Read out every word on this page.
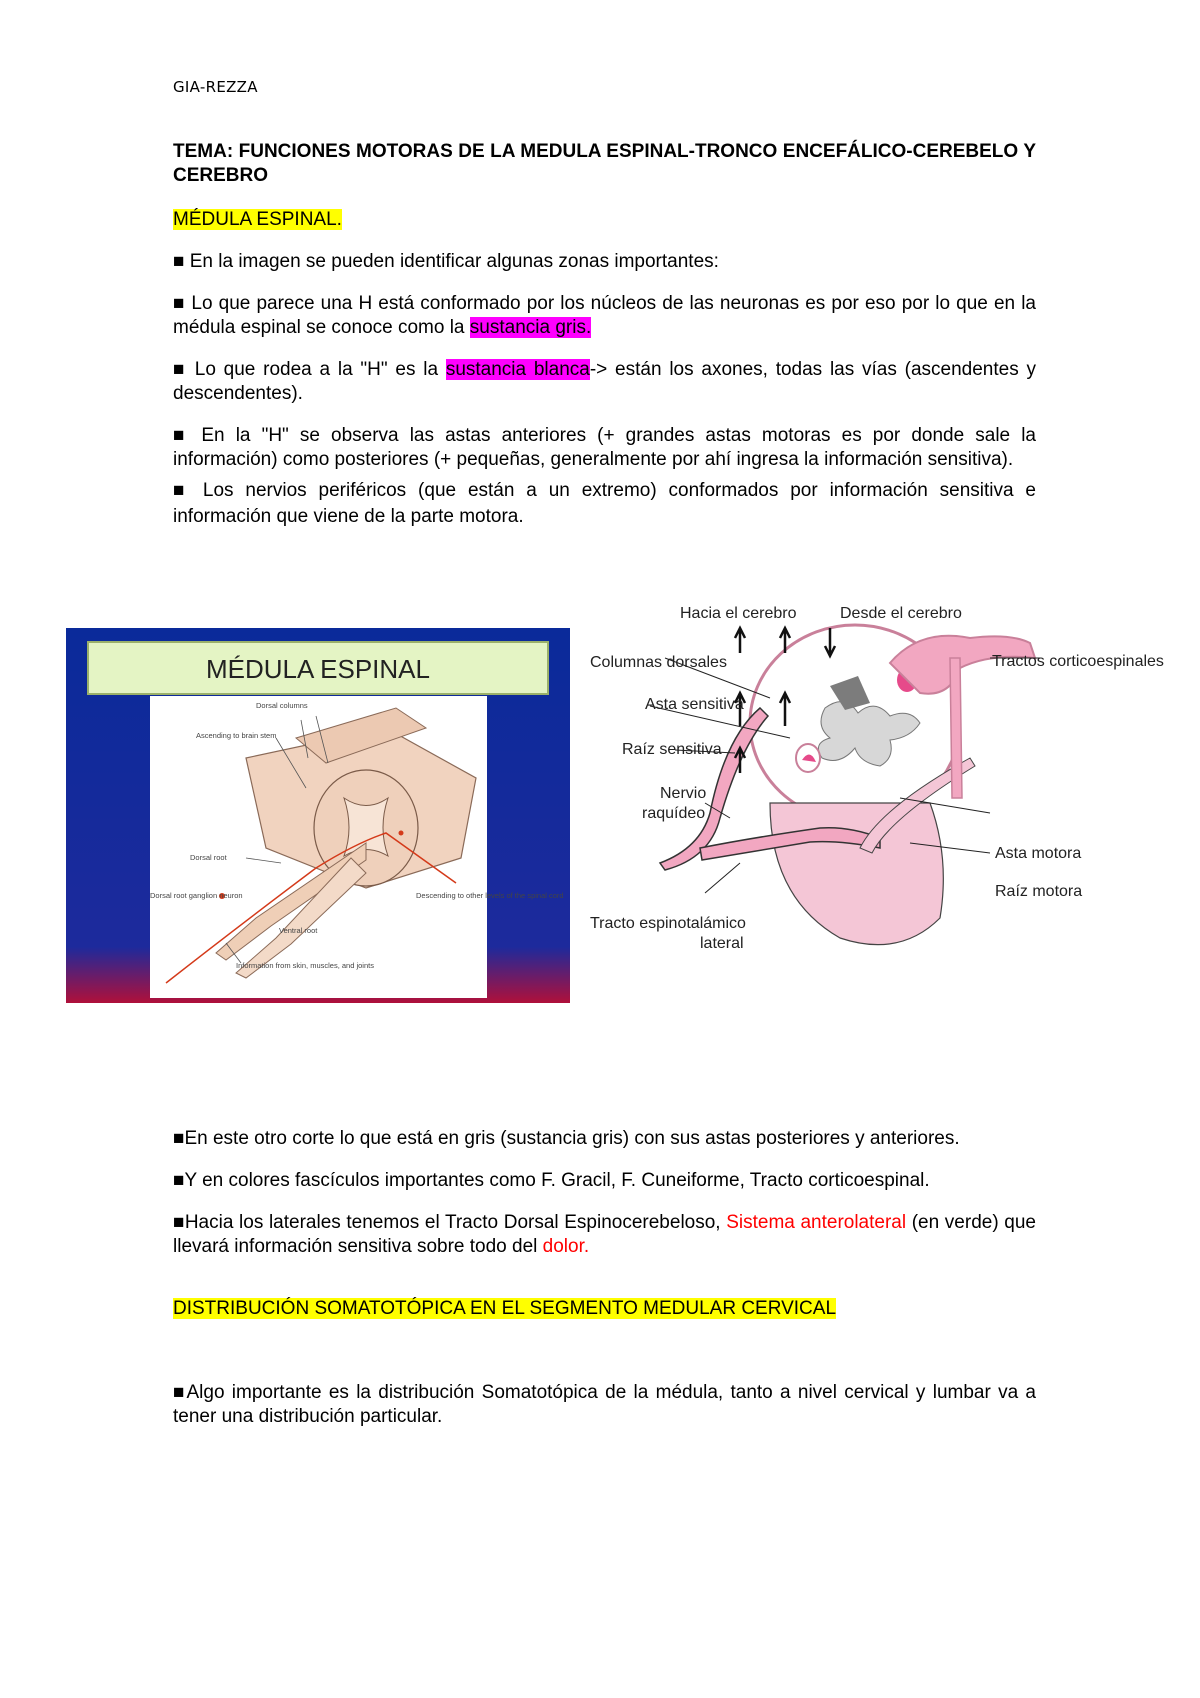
GIA-REZZA

TEMA: FUNCIONES MOTORAS DE LA MEDULA ESPINAL-TRONCO ENCEFÁLICO-CEREBELO Y CEREBRO

MÉDULA ESPINAL.

■ En la imagen se pueden identificar algunas zonas importantes:

■ Lo que parece una H está conformado por los núcleos de las neuronas es por eso por lo que en la médula espinal se conoce como la sustancia gris.

■ Lo que rodea a la "H" es la sustancia blanca-> están los axones, todas las vías (ascendentes y descendentes).

■ En la "H" se observa las astas anteriores (+ grandes astas motoras es por donde sale la información) como posteriores (+ pequeñas, generalmente por ahí ingresa la información sensitiva).

■ Los nervios periféricos (que están a un extremo) conformados por información sensitiva e información que viene de la parte motora.

MÉDULA ESPINAL
Dorsal columns
Ascending to brain stem
Dorsal root
Dorsal root ganglion neuron
Ventral root
Descending to other levels of the spinal cord
Information from skin, muscles, and joints
Hacia el cerebro	Desde el cerebro
Columnas dorsales	Tractos corticoespinales
Asta sensitiva
Raíz sensitiva
Nervio
raquídeo
Asta motora
Raíz motora
Tracto espinotalámico
lateral

■En este otro corte lo que está en gris (sustancia gris) con sus astas posteriores y anteriores.

■Y en colores fascículos importantes como F. Gracil, F. Cuneiforme, Tracto corticoespinal.

■Hacia los laterales tenemos el Tracto Dorsal Espinocerebeloso, Sistema anterolateral (en verde) que llevará información sensitiva sobre todo del dolor.

DISTRIBUCIÓN SOMATOTÓPICA EN EL SEGMENTO MEDULAR CERVICAL

■Algo importante es la distribución Somatotópica de la médula, tanto a nivel cervical y lumbar va a tener una distribución particular.
